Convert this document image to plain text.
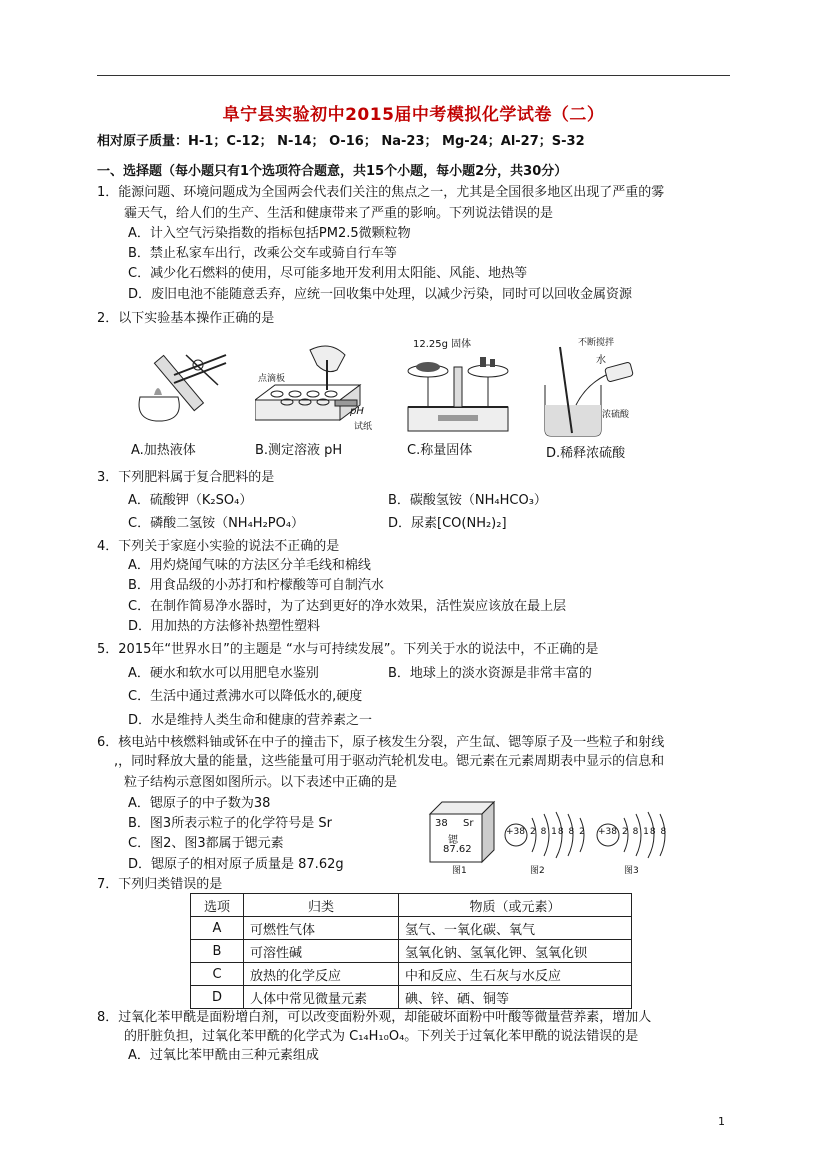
阜宁县实验初中2015届中考模拟化学试卷（二）
相对原子质量：H-1；C-12； N-14； O-16； Na-23； Mg-24；Al-27；S-32
一、选择题（每小题只有1个选项符合题意，共15个小题，每小题2分，共30分）
1．能源问题、环境问题成为全国两会代表们关注的焦点之一，尤其是全国很多地区出现了严重的雾
霾天气，给人们的生产、生活和健康带来了严重的影响。下列说法错误的是
A．计入空气污染指数的指标包括PM2.5微颗粒物
B．禁止私家车出行，改乘公交车或骑自行车等
C．减少化石燃料的使用，尽可能多地开发利用太阳能、风能、地热等
D．废旧电池不能随意丢弃，应统一回收集中处理，以减少污染，同时可以回收金属资源
2．以下实验基本操作正确的是
A.加热液体
点滴板
pH
试纸
B.测定溶液 pH
12.25g 固体
C.称量固体
不断搅拌
水
浓硫酸
D.稀释浓硫酸
3．下列肥料属于复合肥料的是
A．硫酸钾（K₂SO₄）	B．碳酸氢铵（NH₄HCO₃）
C．磷酸二氢铵（NH₄H₂PO₄）	D．尿素[CO(NH₂)₂]
4．下列关于家庭小实验的说法不正确的是
A．用灼烧闻气味的方法区分羊毛线和棉线
B．用食品级的小苏打和柠檬酸等可自制汽水
C．在制作简易净水器时，为了达到更好的净水效果，活性炭应该放在最上层
D．用加热的方法修补热塑性塑料
5．2015年“世界水日”的主题是 “水与可持续发展”。下列关于水的说法中，不正确的是
A．硬水和软水可以用肥皂水鉴别	B．地球上的淡水资源是非常丰富的
C．生活中通过煮沸水可以降低水的,硬度
D．水是维持人类生命和健康的营养素之一
6．核电站中核燃料铀或钚在中子的撞击下，原子核发生分裂，产生氙、锶等原子及一些粒子和射线
,，同时释放大量的能量，这些能量可用于驱动汽轮机发电。锶元素在元素周期表中显示的信息和
粒子结构示意图如图所示。以下表述中正确的是
A．锶原子的中子数为38
B．图3所表示粒子的化学符号是 Sr
C．图2、图3都属于锶元素
D．锶原子的相对原子质量是 87.62g
38 Sr
锶
87.62
图1
+38 2 8 18 8 2
图2
+38 2 8 18 8
图3
7．下列归类错误的是
选项	归类	物质（或元素）
A	可燃性气体	氢气、一氧化碳、氧气
B	可溶性碱	氢氧化钠、氢氧化钾、氢氧化钡
C	放热的化学反应	中和反应、生石灰与水反应
D	人体中常见微量元素	碘、锌、硒、铜等
8．过氧化苯甲酰是面粉增白剂，可以改变面粉外观，却能破坏面粉中叶酸等微量营养素，增加人
的肝脏负担，过氧化苯甲酰的化学式为 C₁₄H₁₀O₄。下列关于过氧化苯甲酰的说法错误的是
A．过氧比苯甲酰由三种元素组成
1
